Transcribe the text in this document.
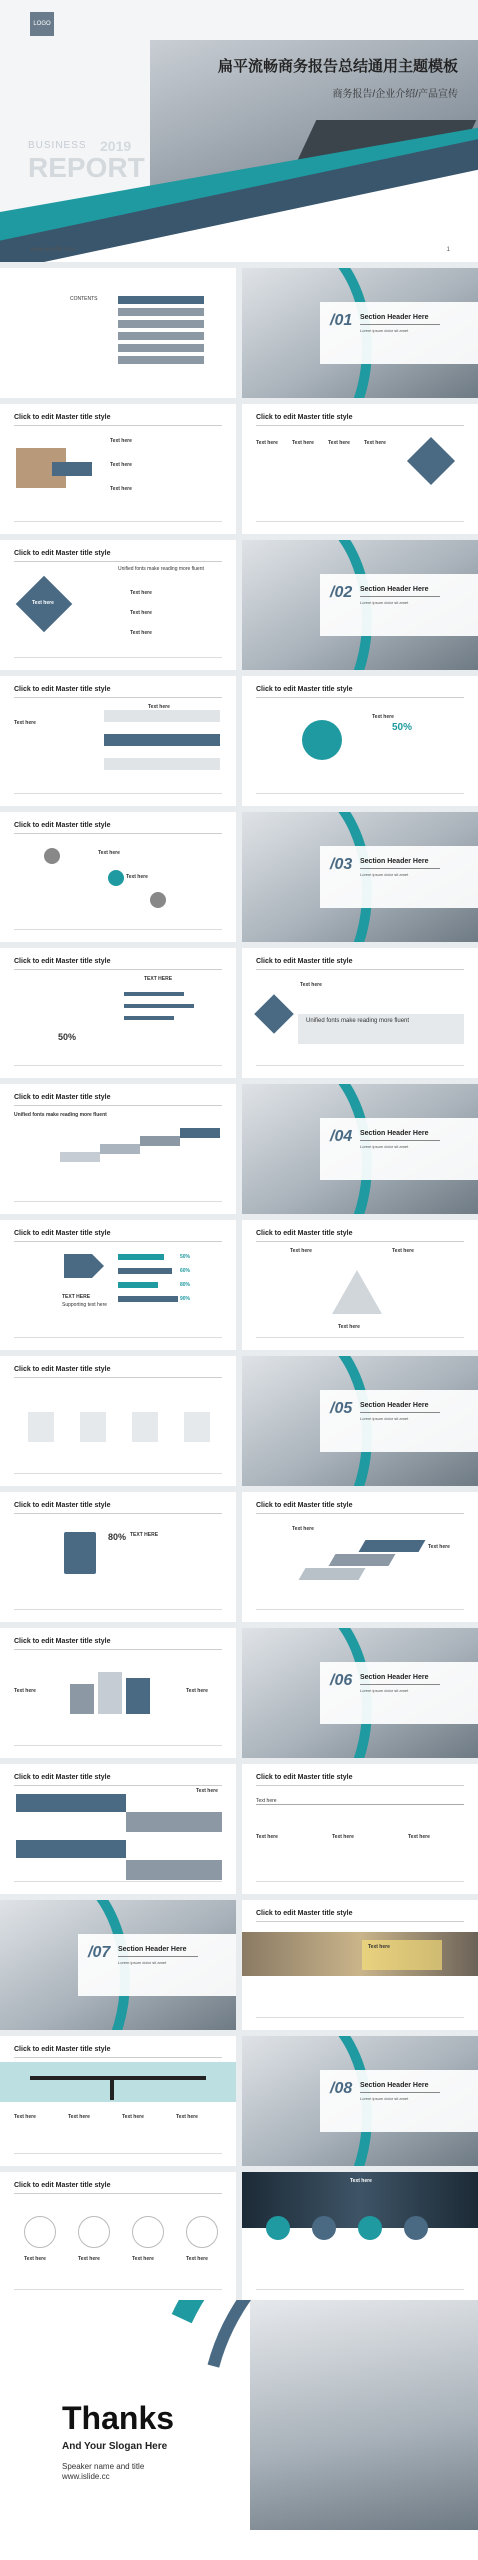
LOGO
扁平流畅商务报告总结通用主题模板
商务报告/企业介绍/产品宣传
BUSINESS 2019
REPORT
www.wa328.com	1
CONTENTS
/01 Section Header Here
Lorem ipsum dolor sit amet
Click to edit Master title style
Text here
Text here
Text here
Click to edit Master title style
Text here	Text here	Text here	Text here
Click to edit Master title style
Text here
Unified fonts make reading more fluent
Text here
Text here
Text here
/02 Section Header Here
Lorem ipsum dolor sit amet
Click to edit Master title style
Text here
Text here
Click to edit Master title style
50%
Text here
Click to edit Master title style
Text here
Text here
/03 Section Header Here
Lorem ipsum dolor sit amet
Click to edit Master title style
TEXT HERE
50%
Click to edit Master title style
Unified fonts make reading more fluent
Text here
Click to edit Master title style
Unified fonts make reading more fluent
/04 Section Header Here
Lorem ipsum dolor sit amet
Click to edit Master title style
TEXT HERE
Supporting text here
50%
60%
80%
90%
Click to edit Master title style
Text here	Text here
Text here
Click to edit Master title style
/05 Section Header Here
Lorem ipsum dolor sit amet
Click to edit Master title style
80% TEXT HERE
Click to edit Master title style
Text here
Text here
Click to edit Master title style
Text here	Text here
/06 Section Header Here
Lorem ipsum dolor sit amet
Click to edit Master title style
Text here
Click to edit Master title style
Text here
Text here	Text here	Text here
/07 Section Header Here
Lorem ipsum dolor sit amet
Click to edit Master title style
Text here
Click to edit Master title style
Text here	Text here	Text here	Text here
/08 Section Header Here
Lorem ipsum dolor sit amet
Click to edit Master title style
Text here	Text here	Text here	Text here
Text here
Thanks
And Your Slogan Here
Speaker name and title
www.islide.cc
